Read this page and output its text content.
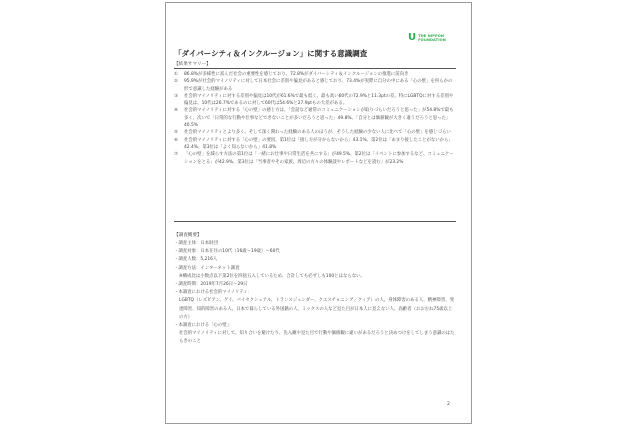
U THE NIPPON
FOUNDATION
「ダイバーシティ＆インクルージョン」に関する意識調査
【結果サマリー】
①	86.8%が多様性に富んだ社会の重要性を感じており、72.8%がダイバーシティ＆インクルージョンの推進に前向き
②	95.9%が社会的マイノリティに対して日本社会に差別や偏見があると感じており、73.4%が実際に自分の中にある「心の壁」を何らかの形で意識した経験がある
③	社会的マイノリティに対する差別や偏見は10代が61.6%で最も低く、最も高い60代の72.9%と11.3ptの差。特にLGBTQに対する差別や偏見は、10代は26.7%であるのに対して60代は54.6%と27.9ptもの大差がある。
④	社会的マイノリティに対する「心の壁」の感じ方は、「会話など通常のコミュニケーションが取りづらいだろうと思った」が54.8%で最も多く、次いで「日常的な行動や仕事などできないことが多いだろうと思った」49.8%、「自分とは価値観が大きく違うだろうと思った」40.5%
⑤	社会的マイノリティとより多く、そして深く関わった経験のある人のほうが、そうした経験の少ない人に比べて「心の壁」を感じづらい
⑥	社会的マイノリティに対する「心の壁」の要因、第1位は「接し方が分からないから」43.1%、第2位は「あまり接したことがないから」42.4%、第3位は「よく知らないから」41.8%
⑦	「心の壁」を減らす方法の第1位は「一緒にお仕事や日常生活を共にする」が49.5%、第2位は「イベントに参加するなど、コミュニケーションをとる」が42.9%、第3位は「当事者やその家族、周辺の方々の体験談やレポートなどを読む」が23.2%
【調査概要】
・調査主体：日本財団
・調査対象：日本在住の10代（16歳～19歳）～60代
・調査人数：5,216人
・調査方法：インターネット調査
※構成比は小数点以下第2位を四捨五入しているため、合計しても必ずしも100とはならない。
・調査時期：2019年7月26日～29日
・本調査における社会的マイノリティ：
LGBTQ（レズビアン、ゲイ、バイセクシュアル、トランスジェンダー、クエスチョニング／クィア）の人、身体障害のある人、精神障害、発達障害、知的障害のある人、日本で暮らしている外国籍の人、ミックスの人など見た目が日本人に見えない人、高齢者（おおむね75歳以上の方）
・本調査における「心の壁」：
社会的マイノリティに対して、知り合いを避けたり、先入観や見た目で行動や価値観に違いがあるだろうと決めつけをしてしまう意識のはたらきのこと
2
